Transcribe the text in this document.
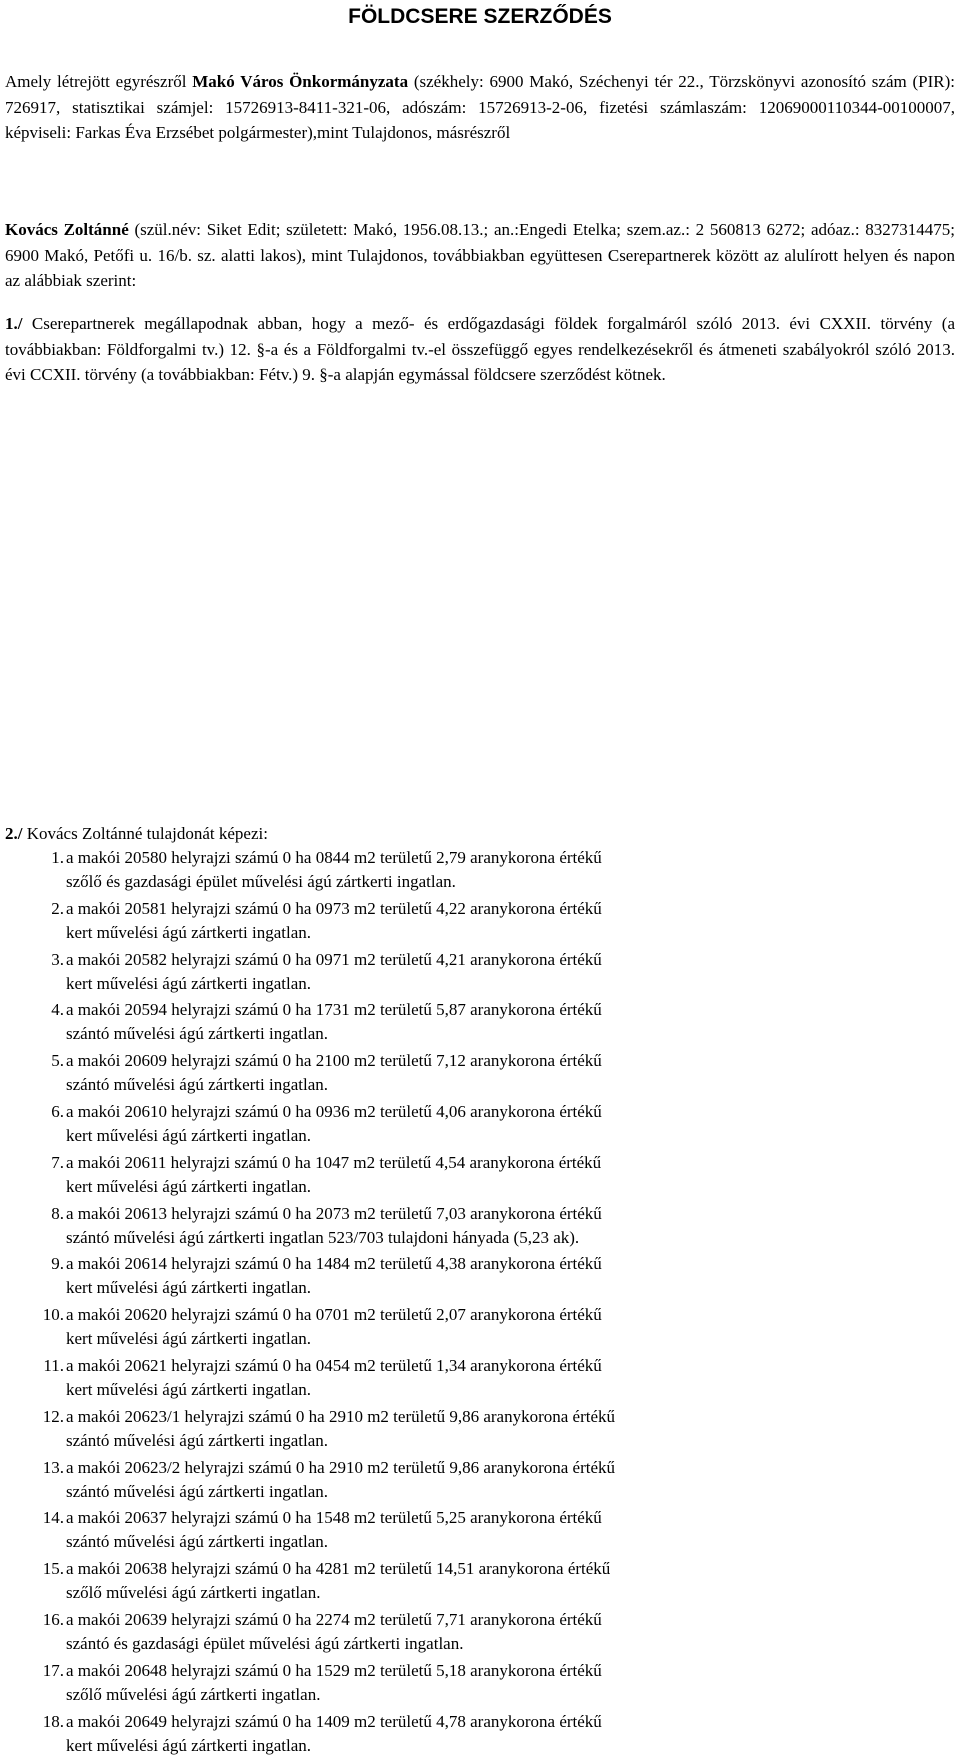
FÖLDCSERE SZERZŐDÉS

Amely létrejött egyrészről Makó Város Önkormányzata (székhely: 6900 Makó, Széchenyi tér 22., Törzskönyvi azonosító szám (PIR): 726917, statisztikai számjel: 15726913-8411-321-06, adószám: 15726913-2-06, fizetési számlaszám: 12069000110344-00100007, képviseli: Farkas Éva Erzsébet polgármester),mint Tulajdonos, másrészről

Kovács Zoltánné (szül.név: Siket Edit; született: Makó, 1956.08.13.; an.:Engedi Etelka; szem.az.: 2 560813 6272; adóaz.: 8327314475; 6900 Makó, Petőfi u. 16/b. sz. alatti lakos), mint Tulajdonos, továbbiakban együttesen Cserepartnerek között az alulírott helyen és napon az alábbiak szerint:

1./ Cserepartnerek megállapodnak abban, hogy a mező- és erdőgazdasági földek forgalmáról szóló 2013. évi CXXII. törvény (a továbbiakban: Földforgalmi tv.) 12. §-a és a Földforgalmi tv.-el összefüggő egyes rendelkezésekről és átmeneti szabályokról szóló 2013. évi CCXII. törvény (a továbbiakban: Fétv.) 9. §-a alapján egymással földcsere szerződést kötnek.

2./ Kovács Zoltánné tulajdonát képezi:

1. a makói 20580 helyrajzi számú 0 ha 0844 m2 területű 2,79 aranykorona értékű
szőlő és gazdasági épület művelési ágú zártkerti ingatlan.
2. a makói 20581 helyrajzi számú 0 ha 0973 m2 területű 4,22 aranykorona értékű
kert művelési ágú zártkerti ingatlan.
3. a makói 20582 helyrajzi számú 0 ha 0971 m2 területű 4,21 aranykorona értékű
kert művelési ágú zártkerti ingatlan.
4. a makói 20594 helyrajzi számú 0 ha 1731 m2 területű 5,87 aranykorona értékű
szántó művelési ágú zártkerti ingatlan.
5. a makói 20609 helyrajzi számú 0 ha 2100 m2 területű 7,12 aranykorona értékű
szántó művelési ágú zártkerti ingatlan.
6. a makói 20610 helyrajzi számú 0 ha 0936 m2 területű 4,06 aranykorona értékű
kert művelési ágú zártkerti ingatlan.
7. a makói 20611 helyrajzi számú 0 ha 1047 m2 területű 4,54 aranykorona értékű
kert művelési ágú zártkerti ingatlan.
8. a makói 20613 helyrajzi számú 0 ha 2073 m2 területű 7,03 aranykorona értékű
szántó művelési ágú zártkerti ingatlan 523/703 tulajdoni hányada (5,23 ak).
9. a makói 20614 helyrajzi számú 0 ha 1484 m2 területű 4,38 aranykorona értékű
kert művelési ágú zártkerti ingatlan.
10. a makói 20620 helyrajzi számú 0 ha 0701 m2 területű 2,07 aranykorona értékű
kert művelési ágú zártkerti ingatlan.
11. a makói 20621 helyrajzi számú 0 ha 0454 m2 területű 1,34 aranykorona értékű
kert művelési ágú zártkerti ingatlan.
12. a makói 20623/1 helyrajzi számú 0 ha 2910 m2 területű 9,86 aranykorona értékű
szántó művelési ágú zártkerti ingatlan.
13. a makói 20623/2 helyrajzi számú 0 ha 2910 m2 területű 9,86 aranykorona értékű
szántó művelési ágú zártkerti ingatlan.
14. a makói 20637 helyrajzi számú 0 ha 1548 m2 területű 5,25 aranykorona értékű
szántó művelési ágú zártkerti ingatlan.
15. a makói 20638 helyrajzi számú 0 ha 4281 m2 területű 14,51 aranykorona értékű
szőlő művelési ágú zártkerti ingatlan.
16. a makói 20639 helyrajzi számú 0 ha 2274 m2 területű 7,71 aranykorona értékű
szántó és gazdasági épület művelési ágú zártkerti ingatlan.
17. a makói 20648 helyrajzi számú 0 ha 1529 m2 területű 5,18 aranykorona értékű
szőlő művelési ágú zártkerti ingatlan.
18. a makói 20649 helyrajzi számú 0 ha 1409 m2 területű 4,78 aranykorona értékű
kert művelési ágú zártkerti ingatlan.
